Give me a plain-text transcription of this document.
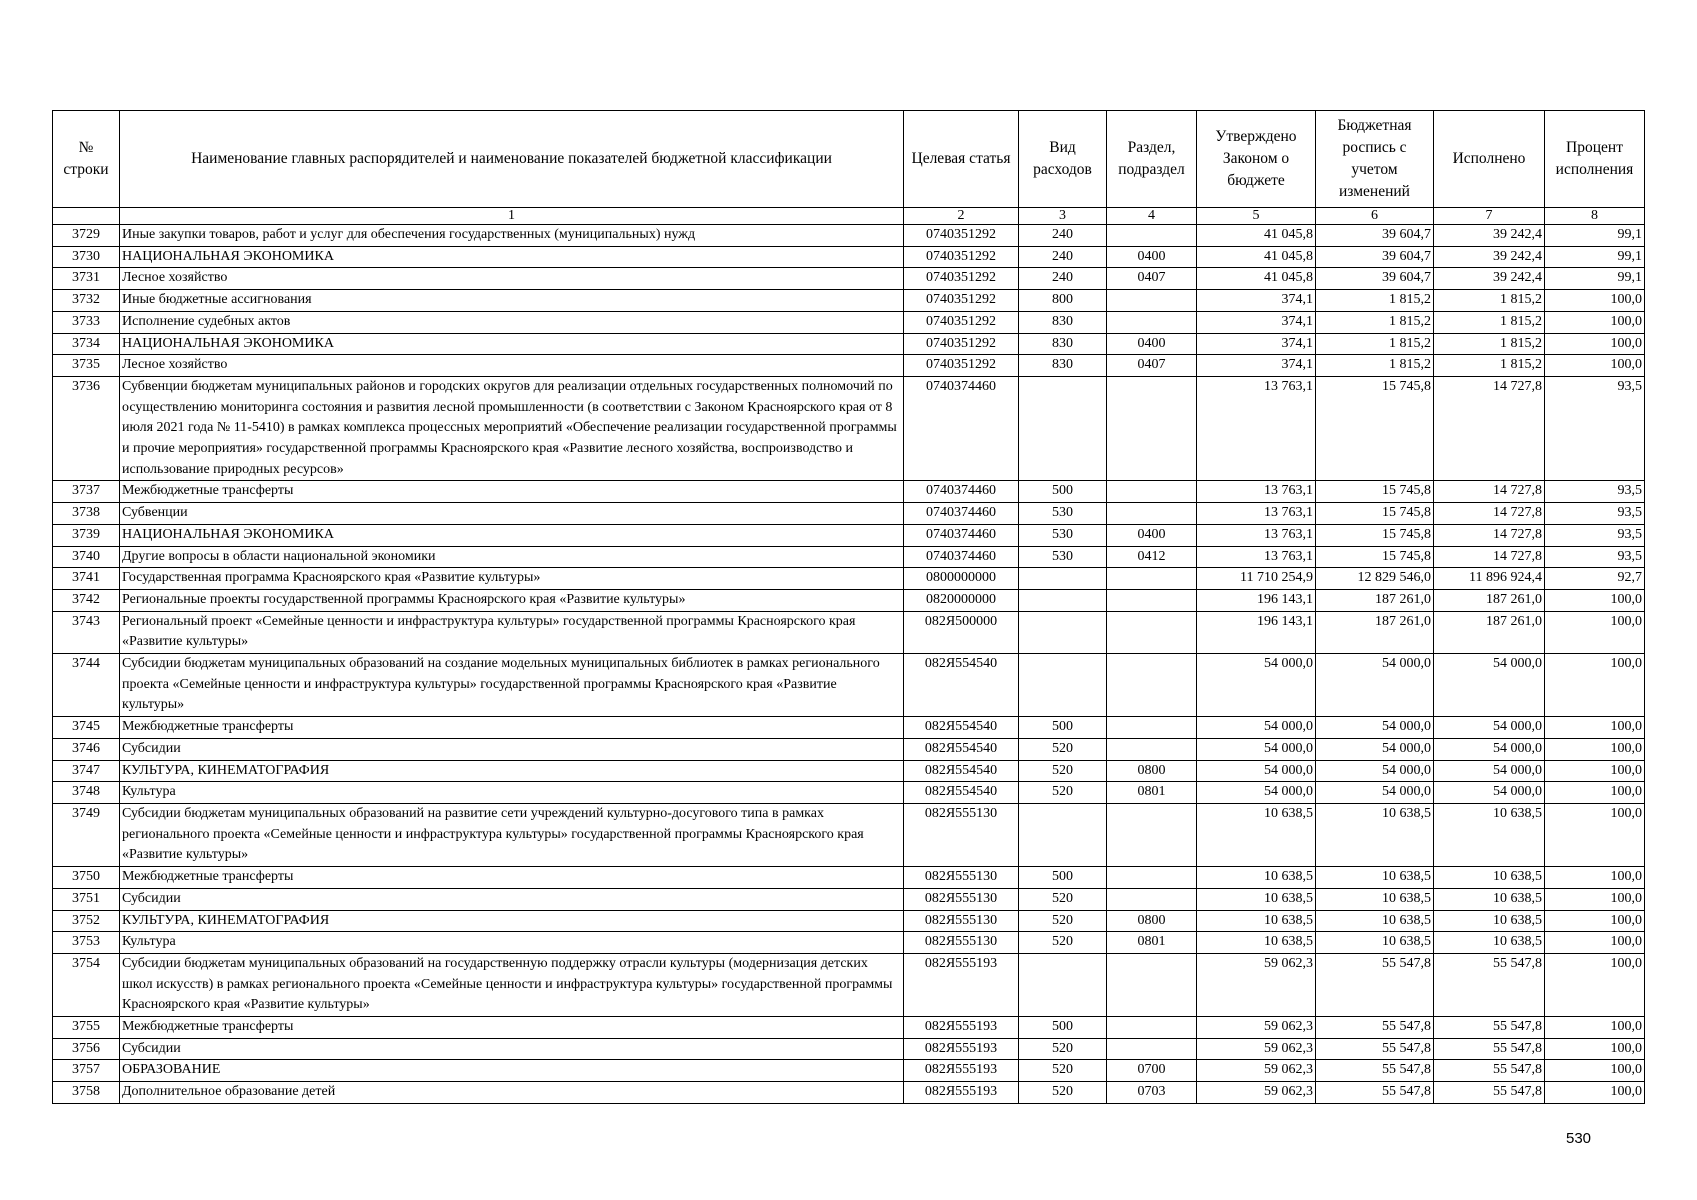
№ строки	Наименование главных распорядителей и наименование показателей бюджетной классификации	Целевая статья	Вид расходов	Раздел, подраздел	Утверждено Законом о бюджете	Бюджетная роспись с учетом изменений	Исполнено	Процент исполнения
	1	2	3	4	5	6	7	8
3729	Иные закупки товаров, работ и услуг для обеспечения государственных (муниципальных) нужд	0740351292	240		41 045,8	39 604,7	39 242,4	99,1
3730	НАЦИОНАЛЬНАЯ ЭКОНОМИКА	0740351292	240	0400	41 045,8	39 604,7	39 242,4	99,1
3731	Лесное хозяйство	0740351292	240	0407	41 045,8	39 604,7	39 242,4	99,1
3732	Иные бюджетные ассигнования	0740351292	800		374,1	1 815,2	1 815,2	100,0
3733	Исполнение судебных актов	0740351292	830		374,1	1 815,2	1 815,2	100,0
3734	НАЦИОНАЛЬНАЯ ЭКОНОМИКА	0740351292	830	0400	374,1	1 815,2	1 815,2	100,0
3735	Лесное хозяйство	0740351292	830	0407	374,1	1 815,2	1 815,2	100,0
3736	Субвенции бюджетам муниципальных районов и городских округов для реализации отдельных государственных полномочий по осуществлению мониторинга состояния и развития лесной промышленности (в соответствии с Законом Красноярского края от 8 июля 2021 года № 11-5410) в рамках комплекса процессных мероприятий «Обеспечение реализации государственной программы и прочие мероприятия» государственной программы Красноярского края «Развитие лесного хозяйства, воспроизводство и использование природных ресурсов»	0740374460			13 763,1	15 745,8	14 727,8	93,5
3737	Межбюджетные трансферты	0740374460	500		13 763,1	15 745,8	14 727,8	93,5
3738	Субвенции	0740374460	530		13 763,1	15 745,8	14 727,8	93,5
3739	НАЦИОНАЛЬНАЯ ЭКОНОМИКА	0740374460	530	0400	13 763,1	15 745,8	14 727,8	93,5
3740	Другие вопросы в области национальной экономики	0740374460	530	0412	13 763,1	15 745,8	14 727,8	93,5
3741	Государственная программа Красноярского края «Развитие культуры»	0800000000			11 710 254,9	12 829 546,0	11 896 924,4	92,7
3742	Региональные проекты государственной программы Красноярского края «Развитие культуры»	0820000000			196 143,1	187 261,0	187 261,0	100,0
3743	Региональный проект «Семейные ценности и инфраструктура культуры» государственной программы Красноярского края «Развитие культуры»	082Я500000			196 143,1	187 261,0	187 261,0	100,0
3744	Субсидии бюджетам муниципальных образований на создание модельных муниципальных библиотек в рамках регионального проекта «Семейные ценности и инфраструктура культуры» государственной программы Красноярского края «Развитие культуры»	082Я554540			54 000,0	54 000,0	54 000,0	100,0
3745	Межбюджетные трансферты	082Я554540	500		54 000,0	54 000,0	54 000,0	100,0
3746	Субсидии	082Я554540	520		54 000,0	54 000,0	54 000,0	100,0
3747	КУЛЬТУРА, КИНЕМАТОГРАФИЯ	082Я554540	520	0800	54 000,0	54 000,0	54 000,0	100,0
3748	Культура	082Я554540	520	0801	54 000,0	54 000,0	54 000,0	100,0
3749	Субсидии бюджетам муниципальных образований на развитие сети учреждений культурно-досугового типа в рамках регионального проекта «Семейные ценности и инфраструктура культуры» государственной программы Красноярского края «Развитие культуры»	082Я555130			10 638,5	10 638,5	10 638,5	100,0
3750	Межбюджетные трансферты	082Я555130	500		10 638,5	10 638,5	10 638,5	100,0
3751	Субсидии	082Я555130	520		10 638,5	10 638,5	10 638,5	100,0
3752	КУЛЬТУРА, КИНЕМАТОГРАФИЯ	082Я555130	520	0800	10 638,5	10 638,5	10 638,5	100,0
3753	Культура	082Я555130	520	0801	10 638,5	10 638,5	10 638,5	100,0
3754	Субсидии бюджетам муниципальных образований на государственную поддержку отрасли культуры (модернизация детских школ искусств) в рамках регионального проекта «Семейные ценности и инфраструктура культуры» государственной программы Красноярского края «Развитие культуры»	082Я555193			59 062,3	55 547,8	55 547,8	100,0
3755	Межбюджетные трансферты	082Я555193	500		59 062,3	55 547,8	55 547,8	100,0
3756	Субсидии	082Я555193	520		59 062,3	55 547,8	55 547,8	100,0
3757	ОБРАЗОВАНИЕ	082Я555193	520	0700	59 062,3	55 547,8	55 547,8	100,0
3758	Дополнительное образование детей	082Я555193	520	0703	59 062,3	55 547,8	55 547,8	100,0
530
